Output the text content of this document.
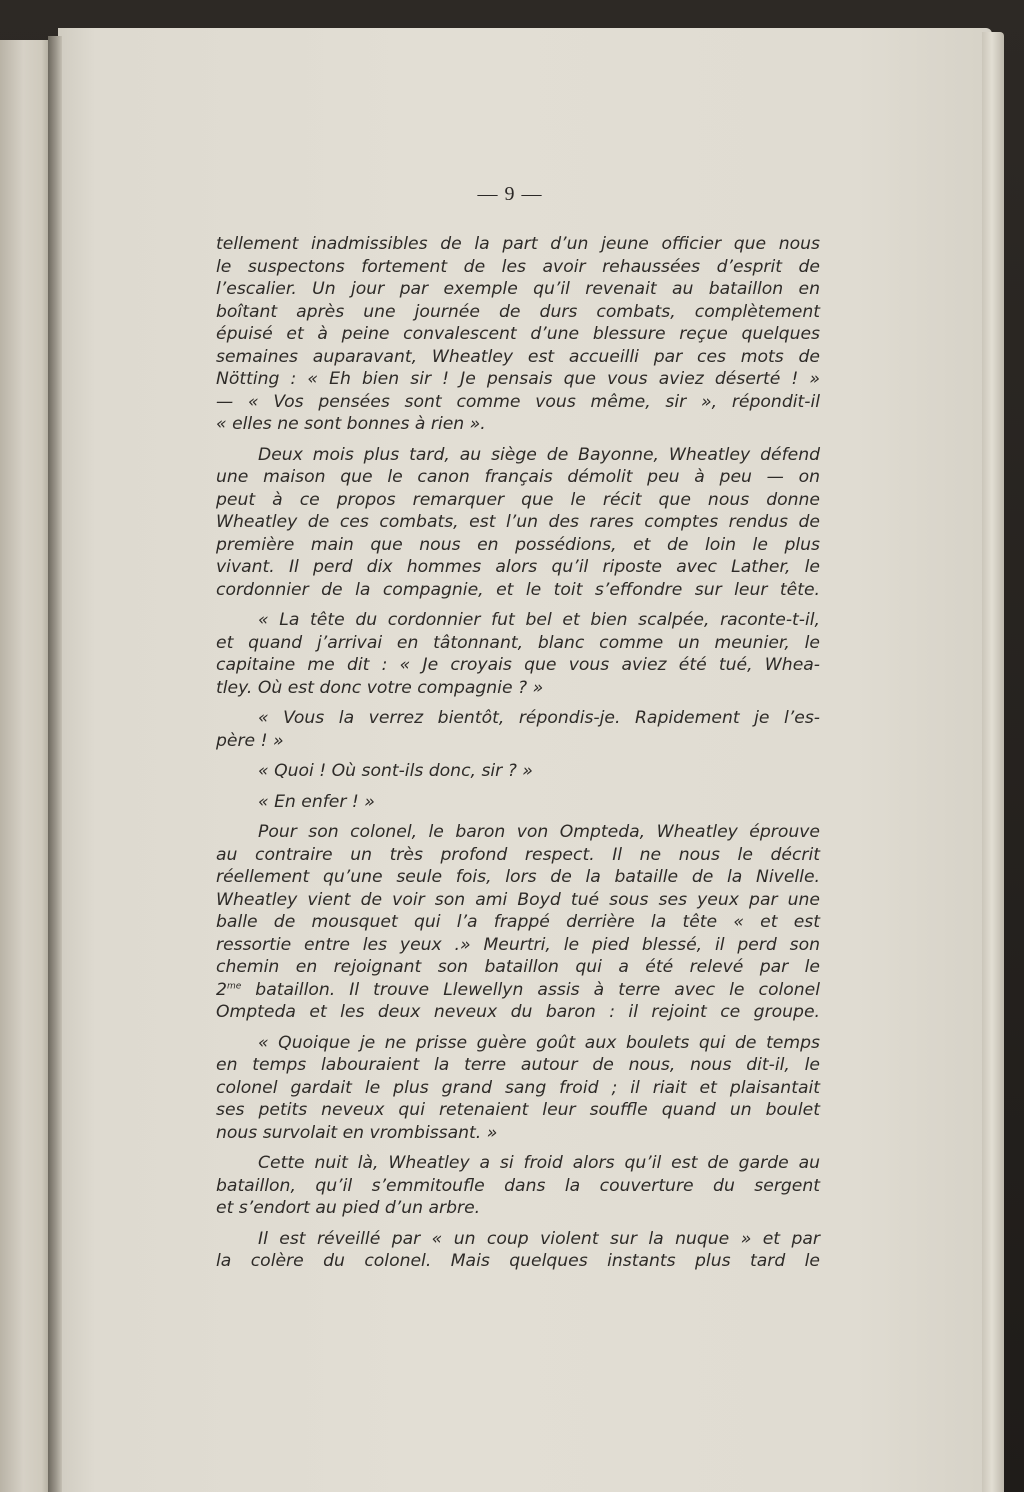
— 9 —
tellement inadmissibles de la part d’un jeune officier que nous
le suspectons fortement de les avoir rehaussées d’esprit de
l’escalier. Un jour par exemple qu’il revenait au bataillon en
boîtant après une journée de durs combats, complètement
épuisé et à peine convalescent d’une blessure reçue quelques
semaines auparavant, Wheatley est accueilli par ces mots de
Nötting : « Eh bien sir ! Je pensais que vous aviez déserté ! »
— « Vos pensées sont comme vous même, sir », répondit-il
« elles ne sont bonnes à rien ».
Deux mois plus tard, au siège de Bayonne, Wheatley défend
une maison que le canon français démolit peu à peu — on
peut à ce propos remarquer que le récit que nous donne
Wheatley de ces combats, est l’un des rares comptes rendus de
première main que nous en possédions, et de loin le plus
vivant. Il perd dix hommes alors qu’il riposte avec Lather, le
cordonnier de la compagnie, et le toit s’effondre sur leur tête.
« La tête du cordonnier fut bel et bien scalpée, raconte-t-il,
et quand j’arrivai en tâtonnant, blanc comme un meunier, le
capitaine me dit : « Je croyais que vous aviez été tué, Whea-
tley. Où est donc votre compagnie ? »
« Vous la verrez bientôt, répondis-je. Rapidement je l’es-
père ! »
« Quoi ! Où sont-ils donc, sir ? »
« En enfer ! »
Pour son colonel, le baron von Ompteda, Wheatley éprouve
au contraire un très profond respect. Il ne nous le décrit
réellement qu’une seule fois, lors de la bataille de la Nivelle.
Wheatley vient de voir son ami Boyd tué sous ses yeux par une
balle de mousquet qui l’a frappé derrière la tête « et est
ressortie entre les yeux .» Meurtri, le pied blessé, il perd son
chemin en rejoignant son bataillon qui a été relevé par le
$2^{me}$ bataillon. Il trouve Llewellyn assis à terre avec le colonel
Ompteda et les deux neveux du baron : il rejoint ce groupe.
« Quoique je ne prisse guère goût aux boulets qui de temps
en temps labouraient la terre autour de nous, nous dit-il, le
colonel gardait le plus grand sang froid ; il riait et plaisantait
ses petits neveux qui retenaient leur souffle quand un boulet
nous survolait en vrombissant. »
Cette nuit là, Wheatley a si froid alors qu’il est de garde au
bataillon, qu’il s’emmitoufle dans la couverture du sergent
et s’endort au pied d’un arbre.
Il est réveillé par « un coup violent sur la nuque » et par
la colère du colonel. Mais quelques instants plus tard le
